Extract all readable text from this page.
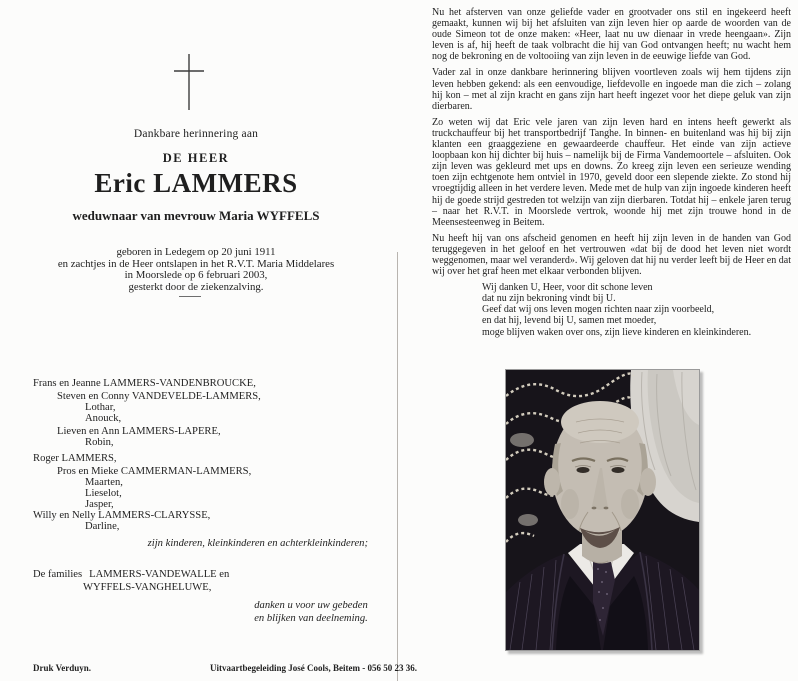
Dankbare herinnering aan
DE HEER
Eric LAMMERS
weduwnaar van mevrouw Maria WYFFELS
geboren in Ledegem op 20 juni 1911
en zachtjes in de Heer ontslapen in het R.V.T. Maria Middelares
in Moorslede op 6 februari 2003,
gesterkt door de ziekenzalving.
Frans en Jeanne LAMMERS-VANDENBROUCKE,
Steven en Conny VANDEVELDE-LAMMERS,
Lothar,
Anouck,
Lieven en Ann LAMMERS-LAPERE,
Robin,
Roger LAMMERS,
Pros en Mieke CAMMERMAN-LAMMERS,
Maarten,
Lieselot,
Jasper,
Willy en Nelly LAMMERS-CLARYSSE,
Darline,
zijn kinderen, kleinkinderen en achterkleinkinderen;
De families LAMMERS-VANDEWALLE en
WYFFELS-VANGHELUWE,
danken u voor uw gebeden
en blijken van deelneming.
Druk Verduyn.	Uitvaartbegeleiding José Cools, Beitem - 056 50 23 36.

Nu het afsterven van onze geliefde vader en grootvader ons stil en ingekeerd heeft gemaakt, kunnen wij bij het afsluiten van zijn leven hier op aarde de woorden van de oude Simeon tot de onze maken: «Heer, laat nu uw dienaar in vrede heengaan». Zijn leven is af, hij heeft de taak volbracht die hij van God ontvangen heeft; nu wacht hem nog de bekroning en de voltooiing van zijn leven in de eeuwige liefde van God.

Vader zal in onze dankbare herinnering blijven voortleven zoals wij hem tijdens zijn leven hebben gekend: als een eenvoudige, liefdevolle en ingoede man die zich – zolang hij kon – met al zijn kracht en gans zijn hart heeft ingezet voor het diepe geluk van zijn dierbaren.

Zo weten wij dat Eric vele jaren van zijn leven hard en intens heeft gewerkt als truckchauffeur bij het transportbedrijf Tanghe. In binnen- en buitenland was hij bij zijn klanten een graaggeziene en gewaardeerde chauffeur. Het einde van zijn actieve loopbaan kon hij dichter bij huis – namelijk bij de Firma Vandemoortele – afsluiten. Ook zijn leven was gekleurd met ups en downs. Zo kreeg zijn leven een serieuze wending toen zijn echtgenote hem ontviel in 1970, geveld door een slepende ziekte. Zo stond hij vroegtijdig alleen in het verdere leven. Mede met de hulp van zijn ingoede kinderen heeft hij de goede strijd gestreden tot welzijn van zijn dierbaren. Totdat hij – enkele jaren terug – naar het R.V.T. in Moorslede vertrok, woonde hij met zijn trouwe hond in de Meensesteenweg in Beitem.

Nu heeft hij van ons afscheid genomen en heeft hij zijn leven in de handen van God teruggegeven in het geloof en het vertrouwen «dat bij de dood het leven niet wordt weggenomen, maar wel veranderd». Wij geloven dat hij nu verder leeft bij de Heer en dat wij over het graf heen met elkaar verbonden blijven.

Wij danken U, Heer, voor dit schone leven
dat nu zijn bekroning vindt bij U.
Geef dat wij ons leven mogen richten naar zijn voorbeeld,
en dat hij, levend bij U, samen met moeder,
moge blijven waken over ons, zijn lieve kinderen en kleinkinderen.
